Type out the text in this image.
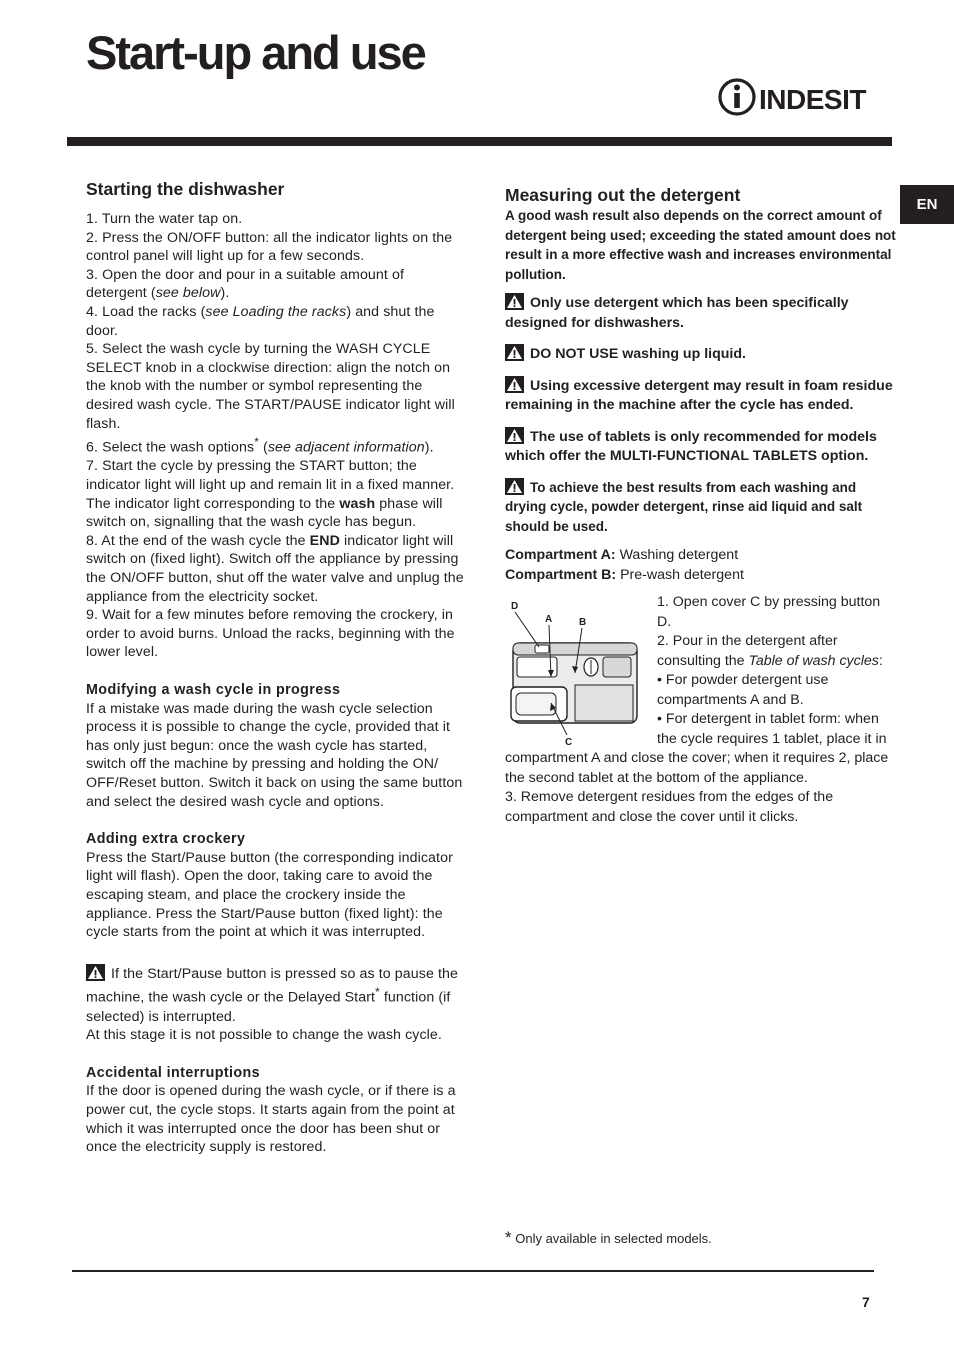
Start-up and use
INDESIT
EN
Starting the dishwasher

1. Turn the water tap on.

2. Press the ON/OFF button: all the indicator lights on the control panel will light up for a few seconds.

3. Open the door and pour in a suitable amount of detergent (see below).

4. Load the racks (see Loading the racks) and shut the door.

5. Select the wash cycle by turning the WASH CYCLE SELECT knob in a clockwise direction: align the notch on the knob with the number or symbol representing the desired wash cycle. The START/PAUSE indicator light will flash.

6. Select the wash options* (see adjacent information).

7. Start the cycle by pressing the START button; the indicator light will light up and remain lit in a fixed manner. The indicator light corresponding to the wash phase will switch on, signalling that the wash cycle has begun.

8. At the end of the wash cycle the END indicator light will switch on (fixed light). Switch off the appliance by pressing the ON/OFF button, shut off the water valve and unplug the appliance from the electricity socket.

9. Wait for a few minutes before removing the crockery, in order to avoid burns. Unload the racks, beginning with the lower level.

Modifying a wash cycle in progress

If a mistake was made during the wash cycle selection process it is possible to change the cycle, provided that it has only just begun: once the wash cycle has started, switch off the machine by pressing and holding the ON/ OFF/Reset button. Switch it back on using the same button and select the desired wash cycle and options.

Adding extra crockery

Press the Start/Pause button (the corresponding indicator light will flash). Open the door, taking care to avoid the escaping steam, and place the crockery inside the appliance. Press the Start/Pause button (fixed light): the cycle starts from the point at which it was interrupted.

If the Start/Pause button is pressed so as to pause the machine, the wash cycle or the Delayed Start* function (if selected) is interrupted.

At this stage it is not possible to change the wash cycle.

Accidental interruptions

If the door is opened during the wash cycle, or if there is a power cut, the cycle stops. It starts again from the point at which it was interrupted once the door has been shut or once the electricity supply is restored.

Measuring out the detergent

A good wash result also depends on the correct amount of detergent being used; exceeding the stated amount does not result in a more effective wash and increases environmental pollution.

Only use detergent which has been specifically designed for dishwashers.

DO NOT USE washing up liquid.

Using excessive detergent may result in foam residue remaining in the machine after the cycle has ended.

The use of tablets is only recommended for models which offer the MULTI-FUNCTIONAL TABLETS option.

To achieve the best results from each washing and drying cycle, powder detergent, rinse aid liquid and salt should be used.

Compartment A: Washing detergent

Compartment B: Pre-wash detergent

D
A	B
C

1. Open cover C by pressing button D.

2. Pour in the detergent after consulting the Table of wash cycles:

• For powder detergent use compartments A and B.

• For detergent in tablet form: when the cycle requires 1 tablet, place it in compartment A and close the cover; when it requires 2, place the second tablet at the bottom of the appliance.

3. Remove detergent residues from the edges of the compartment and close the cover until it clicks.

* Only available in selected models.
7
